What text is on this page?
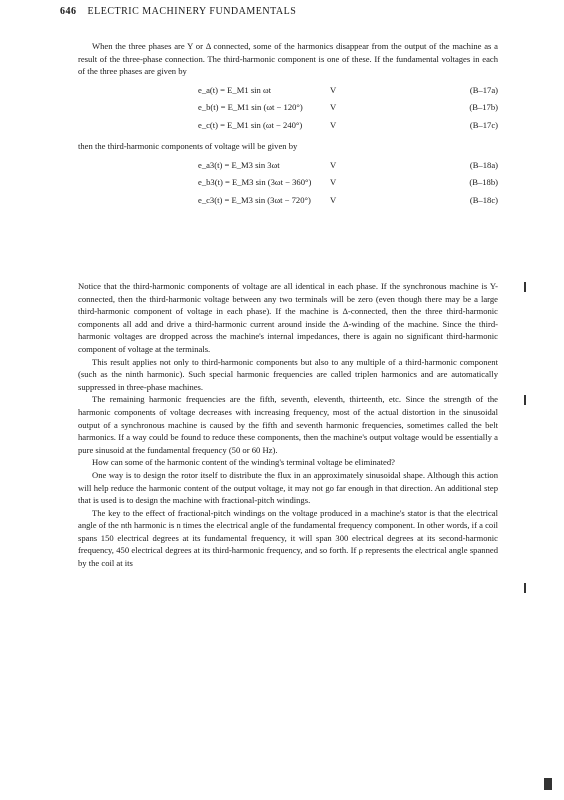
646 ELECTRIC MACHINERY FUNDAMENTALS

When the three phases are Y or Δ connected, some of the harmonics disappear from the output of the machine as a result of the three-phase connection. The third-harmonic component is one of these. If the fundamental voltages in each of the three phases are given by

e_a(t) = E_M1 sin ωt	V	(B–17a)
e_b(t) = E_M1 sin (ωt − 120°)	V	(B–17b)
e_c(t) = E_M1 sin (ωt − 240°)	V	(B–17c)

then the third-harmonic components of voltage will be given by

e_a3(t) = E_M3 sin 3ωt	V	(B–18a)
e_b3(t) = E_M3 sin (3ωt − 360°) V	(B–18b)
e_c3(t) = E_M3 sin (3ωt − 720°) V	(B–18c)

Notice that the third-harmonic components of voltage are all identical in each phase. If the synchronous machine is Y-connected, then the third-harmonic voltage between any two terminals will be zero (even though there may be a large third-harmonic component of voltage in each phase). If the machine is Δ-connected, then the three third-harmonic components all add and drive a third-harmonic current around inside the Δ-winding of the machine. Since the third-harmonic voltages are dropped across the machine's internal impedances, there is again no significant third-harmonic component of voltage at the terminals.

This result applies not only to third-harmonic components but also to any multiple of a third-harmonic component (such as the ninth harmonic). Such special harmonic frequencies are called triplen harmonics and are automatically suppressed in three-phase machines.

The remaining harmonic frequencies are the fifth, seventh, eleventh, thirteenth, etc. Since the strength of the harmonic components of voltage decreases with increasing frequency, most of the actual distortion in the sinusoidal output of a synchronous machine is caused by the fifth and seventh harmonic frequencies, sometimes called the belt harmonics. If a way could be found to reduce these components, then the machine's output voltage would be essentially a pure sinusoid at the fundamental frequency (50 or 60 Hz).

How can some of the harmonic content of the winding's terminal voltage be eliminated?

One way is to design the rotor itself to distribute the flux in an approximately sinusoidal shape. Although this action will help reduce the harmonic content of the output voltage, it may not go far enough in that direction. An additional step that is used is to design the machine with fractional-pitch windings.

The key to the effect of fractional-pitch windings on the voltage produced in a machine's stator is that the electrical angle of the nth harmonic is n times the electrical angle of the fundamental frequency component. In other words, if a coil spans 150 electrical degrees at its fundamental frequency, it will span 300 electrical degrees at its second-harmonic frequency, 450 electrical degrees at its third-harmonic frequency, and so forth. If ρ represents the electrical angle spanned by the coil at its
